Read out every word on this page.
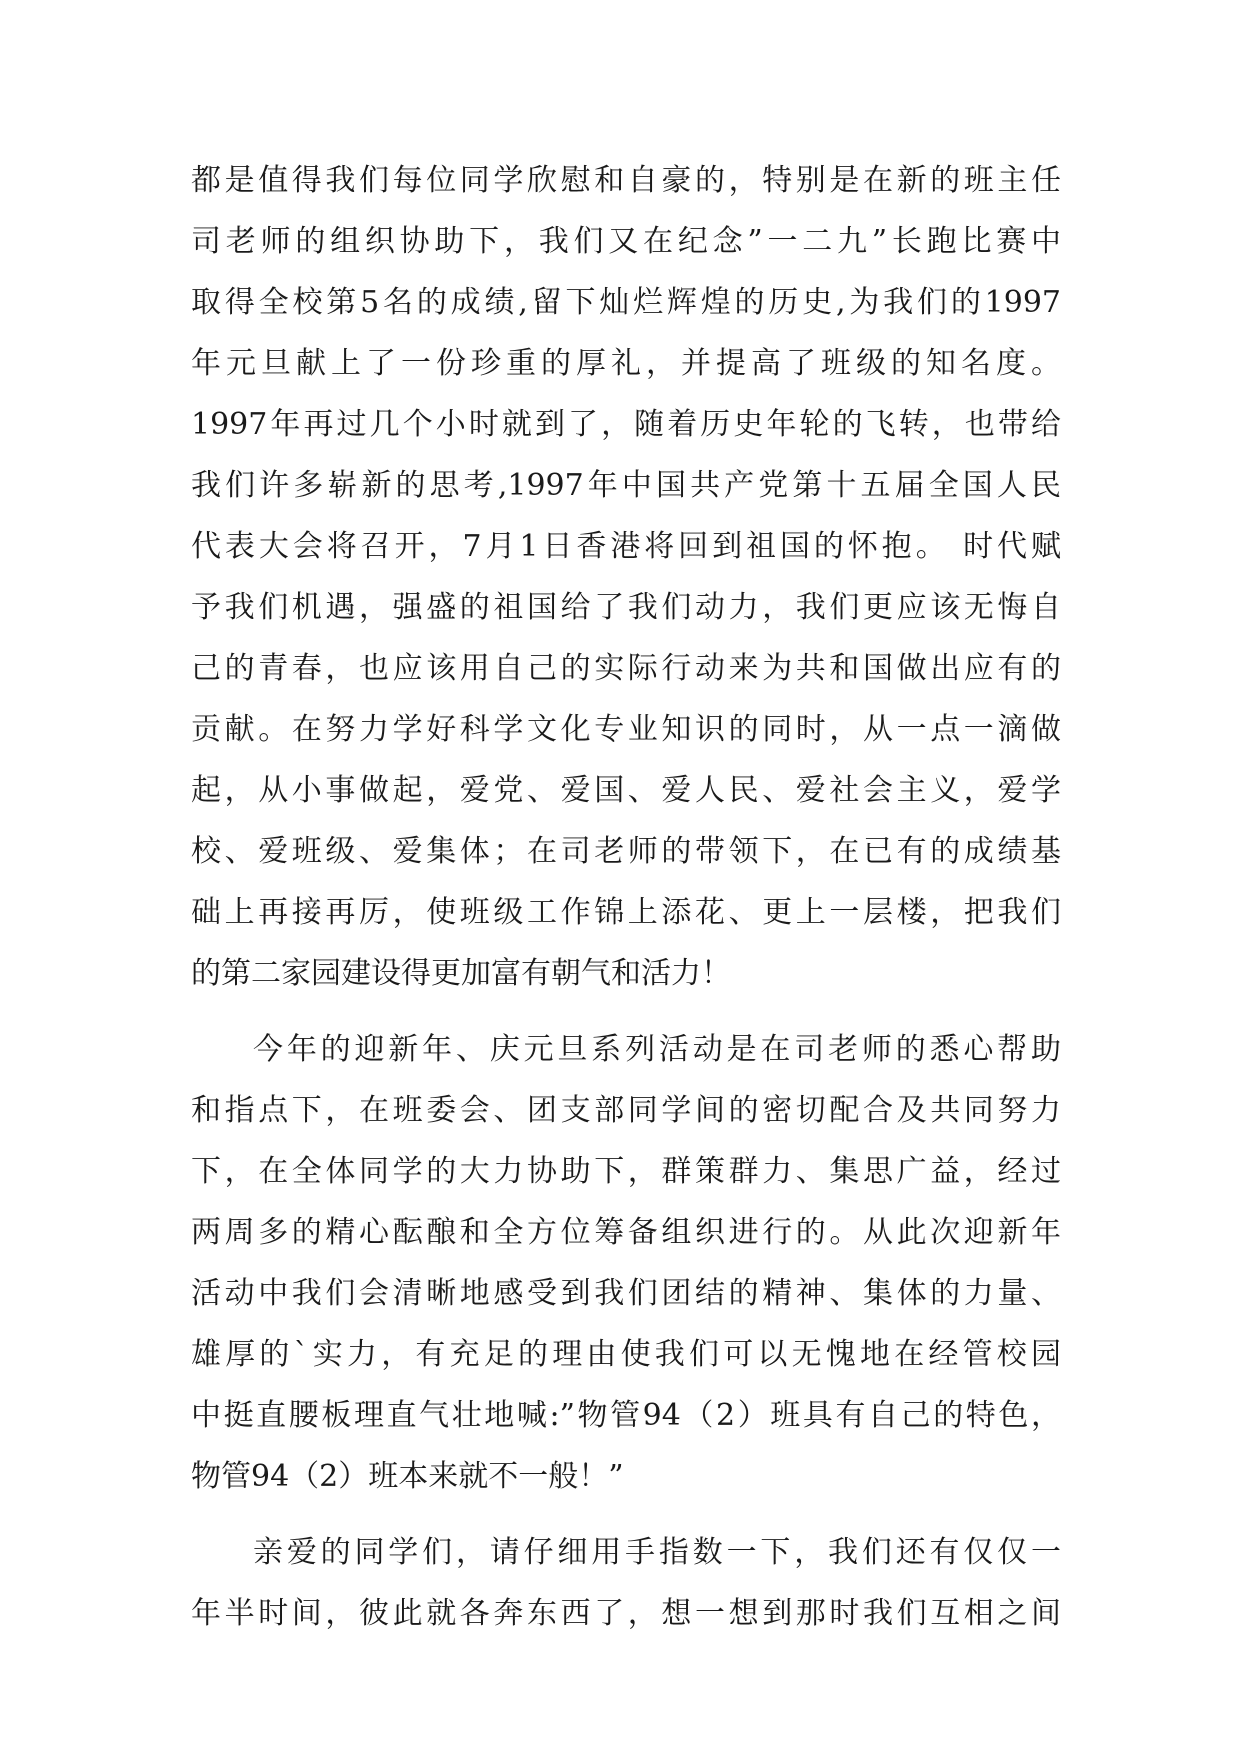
都是值得我们每位同学欣慰和自豪的，特别是在新的班主任
司老师的组织协助下，我们又在纪念”一二九”长跑比赛中
取得全校第5名的成绩,留下灿烂辉煌的历史,为我们的1997
年元旦献上了一份珍重的厚礼，并提高了班级的知名度。
1997年再过几个小时就到了，随着历史年轮的飞转，也带给
我们许多崭新的思考,1997年中国共产党第十五届全国人民
代表大会将召开，7月1日香港将回到祖国的怀抱。 时代赋
予我们机遇，强盛的祖国给了我们动力，我们更应该无悔自
己的青春，也应该用自己的实际行动来为共和国做出应有的
贡献。在努力学好科学文化专业知识的同时，从一点一滴做
起，从小事做起，爱党、爱国、爱人民、爱社会主义，爱学
校、爱班级、爱集体；在司老师的带领下，在已有的成绩基
础上再接再厉，使班级工作锦上添花、更上一层楼，把我们
的第二家园建设得更加富有朝气和活力！
今年的迎新年、庆元旦系列活动是在司老师的悉心帮助
和指点下，在班委会、团支部同学间的密切配合及共同努力
下，在全体同学的大力协助下，群策群力、集思广益，经过
两周多的精心酝酿和全方位筹备组织进行的。从此次迎新年
活动中我们会清晰地感受到我们团结的精神、集体的力量、
雄厚的`实力，有充足的理由使我们可以无愧地在经管校园
中挺直腰板理直气壮地喊:”物管94（2）班具有自己的特色，
物管94（2）班本来就不一般！”
亲爱的同学们，请仔细用手指数一下，我们还有仅仅一
年半时间，彼此就各奔东西了，想一想到那时我们互相之间
